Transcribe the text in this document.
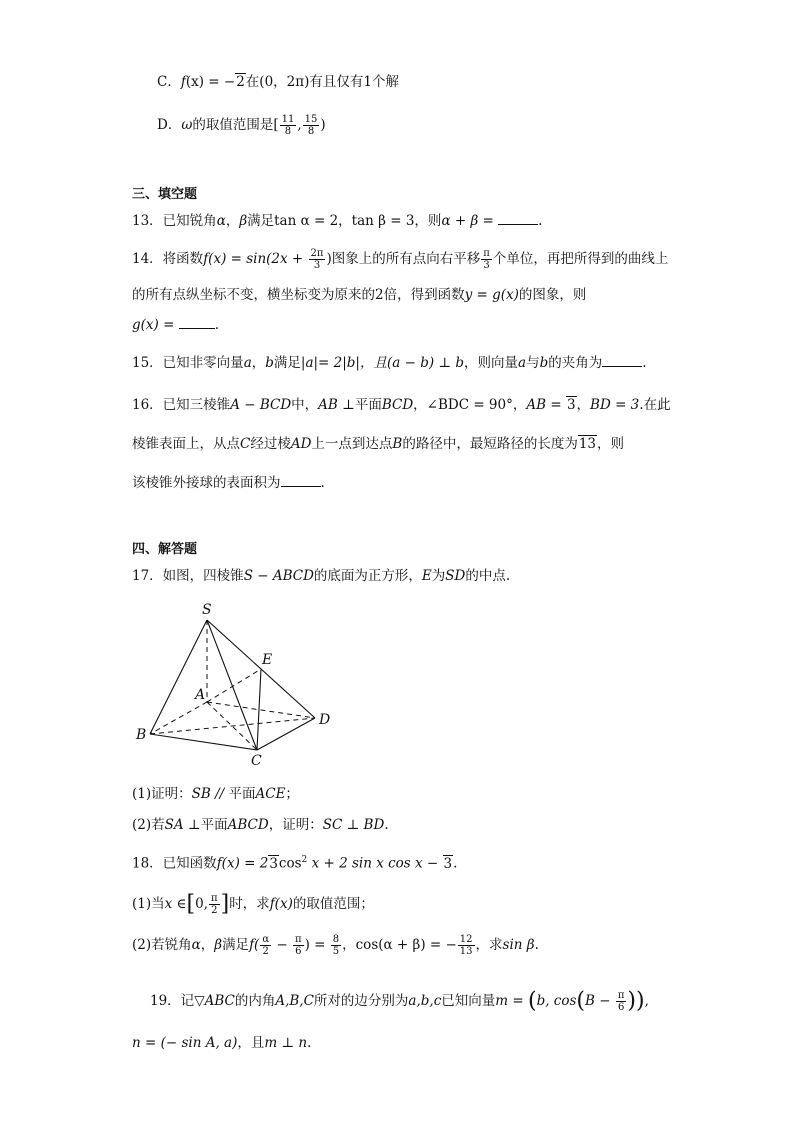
C．f(x) = −2在(0，2π)有且仅有1个解
D．ω的取值范围是[ $\frac{11}{8}$ , $\frac{15}{8}$ )
三、填空题
13．已知锐角α，β满足tan α = 2，tan β = 3，则α + β =	.
14．将函数$f(x) = \sin(2x + \frac{2\pi}{3}$ )图象上的所有点向右平移 $\frac{\pi}{3}$ 个单位，再把所得到的曲线上
的所有点纵坐标不变，横坐标变为原来的2倍，得到函数y = g(x)的图象，则
g(x) =	.
15．已知非零向量a，b满足|a|= 2|b|，且(a − b) ⊥ b，则向量a与b的夹角为	.
16．已知三棱锥A − BCD中，AB ⊥平面BCD，∠BDC = 90°，AB = 3，BD = 3.在此
棱锥表面上，从点C经过棱AD上一点到达点B的路径中，最短路径的长度为13，则
该棱锥外接球的表面积为	.
四、解答题
17．如图，四棱锥S − ABCD的底面为正方形，E为SD的中点.
S
E
A
D
B
C
(1)证明：SB // 平面ACE；
(2)若SA ⊥平面ABCD，证明：SC ⊥ BD.
18．已知函数$f(x) = 23\cos^2$ x + 2 sin x cos x − 3.
(1)当x ∈[0, $\frac{\pi}{2}$ ]时，求f(x)的取值范围；
(2)若锐角α，β满足$f( \frac{\alpha}{2} - \frac{\pi}{6}$ ) = $\frac{8}{5}$ ，cos(α + β) = − $\frac{12}{13}$ ，求sin β.
19．记▽ABC的内角A,B,C所对的边分别为a,b,c已知向量m = (b, $\cos(B - \frac{\pi}{6}$ )),
n = (− sin A, a)，且m ⊥ n.
